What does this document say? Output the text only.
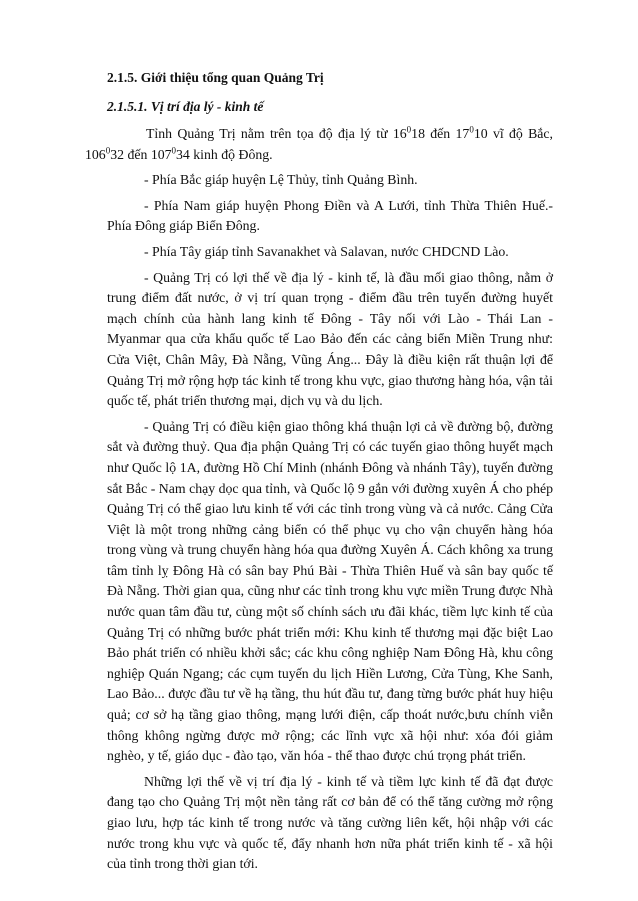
2.1.5. Giới thiệu tổng quan Quảng Trị
2.1.5.1. Vị trí địa lý - kinh tế

Tỉnh Quảng Trị nằm trên tọa độ địa lý từ $16^018$ đến $17^010$ vĩ độ Bắc, $106^032$ đến $107^034$ kinh độ Đông.

- Phía Bắc giáp huyện Lệ Thủy, tỉnh Quảng Bình.

- Phía Nam giáp huyện Phong Điền và A Lưới, tỉnh Thừa Thiên Huế.- Phía Đông giáp Biển Đông.

- Phía Tây giáp tỉnh Savanakhet và Salavan, nước CHDCND Lào.

- Quảng Trị có lợi thế về địa lý - kinh tế, là đầu mối giao thông, nằm ở trung điểm đất nước, ở vị trí quan trọng - điểm đầu trên tuyến đường huyết mạch chính của hành lang kinh tế Đông - Tây nối với Lào - Thái Lan - Myanmar qua cửa khẩu quốc tế Lao Bảo đến các cảng biển Miền Trung như: Cửa Việt, Chân Mây, Đà Nẵng, Vũng Áng... Đây là điều kiện rất thuận lợi để Quảng Trị mở rộng hợp tác kinh tế trong khu vực, giao thương hàng hóa, vận tải quốc tế, phát triển thương mại, dịch vụ và du lịch.

- Quảng Trị có điều kiện giao thông khá thuận lợi cả về đường bộ, đường sắt và đường thuỷ. Qua địa phận Quảng Trị có các tuyến giao thông huyết mạch như Quốc lộ 1A, đường Hồ Chí Minh (nhánh Đông và nhánh Tây), tuyến đường sắt Bắc - Nam chạy dọc qua tỉnh, và Quốc lộ 9 gắn với đường xuyên Á cho phép Quảng Trị có thể giao lưu kinh tế với các tỉnh trong vùng và cả nước. Cảng Cửa Việt là một trong những cảng biển có thể phục vụ cho vận chuyển hàng hóa trong vùng và trung chuyển hàng hóa qua đường Xuyên Á. Cách không xa trung tâm tỉnh lỵ Đông Hà có sân bay Phú Bài - Thừa Thiên Huế và sân bay quốc tế Đà Nẵng. Thời gian qua, cũng như các tỉnh trong khu vực miền Trung được Nhà nước quan tâm đầu tư, cùng một số chính sách ưu đãi khác, tiềm lực kinh tế của Quảng Trị có những bước phát triển mới: Khu kinh tế thương mại đặc biệt Lao Bảo phát triển có nhiều khởi sắc; các khu công nghiệp Nam Đông Hà, khu công nghiệp Quán Ngang; các cụm tuyến du lịch Hiền Lương, Cửa Tùng, Khe Sanh, Lao Bảo... được đầu tư về hạ tầng, thu hút đầu tư, đang từng bước phát huy hiệu quả; cơ sở hạ tầng giao thông, mạng lưới điện, cấp thoát nước,bưu chính viễn thông không ngừng được mở rộng; các lĩnh vực xã hội như: xóa đói giảm nghèo, y tế, giáo dục - đào tạo, văn hóa - thể thao được chú trọng phát triển.

Những lợi thế về vị trí địa lý - kinh tế và tiềm lực kinh tế đã đạt được đang tạo cho Quảng Trị một nền tảng rất cơ bản để có thể tăng cường mở rộng giao lưu, hợp tác kinh tế trong nước và tăng cường liên kết, hội nhập với các nước trong khu vực và quốc tế, đẩy nhanh hơn nữa phát triển kinh tế - xã hội của tỉnh trong thời gian tới.
